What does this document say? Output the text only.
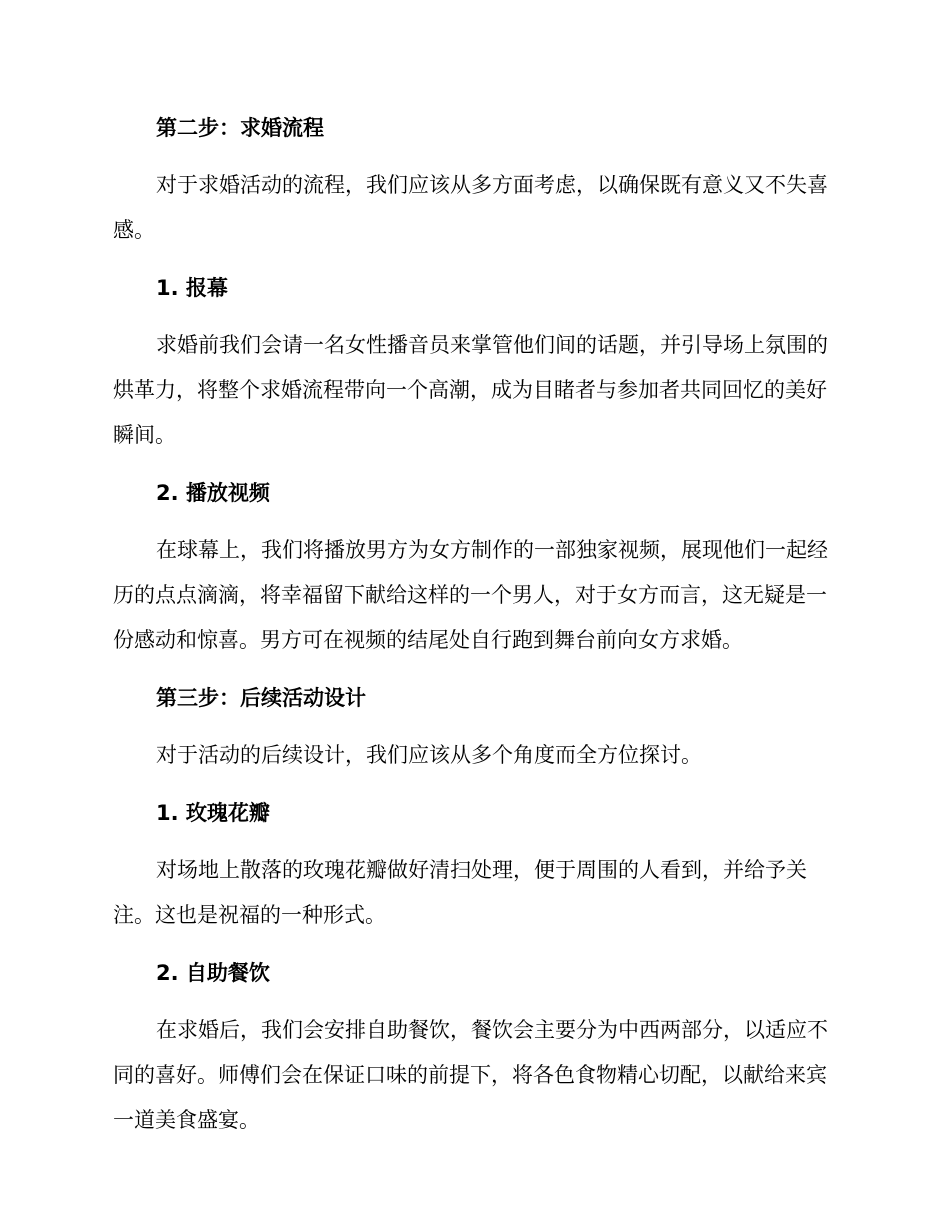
第二步：求婚流程

对于求婚活动的流程，我们应该从多方面考虑，以确保既有意义又不失喜感。

1. 报幕

求婚前我们会请一名女性播音员来掌管他们间的话题，并引导场上氛围的烘革力，将整个求婚流程带向一个高潮，成为目睹者与参加者共同回忆的美好瞬间。

2. 播放视频

在球幕上，我们将播放男方为女方制作的一部独家视频，展现他们一起经历的点点滴滴，将幸福留下献给这样的一个男人，对于女方而言，这无疑是一份感动和惊喜。男方可在视频的结尾处自行跑到舞台前向女方求婚。

第三步：后续活动设计

对于活动的后续设计，我们应该从多个角度而全方位探讨。

1. 玫瑰花瓣

对场地上散落的玫瑰花瓣做好清扫处理，便于周围的人看到，并给予关注。这也是祝福的一种形式。

2. 自助餐饮

在求婚后，我们会安排自助餐饮，餐饮会主要分为中西两部分，以适应不同的喜好。师傅们会在保证口味的前提下，将各色食物精心切配，以献给来宾一道美食盛宴。
